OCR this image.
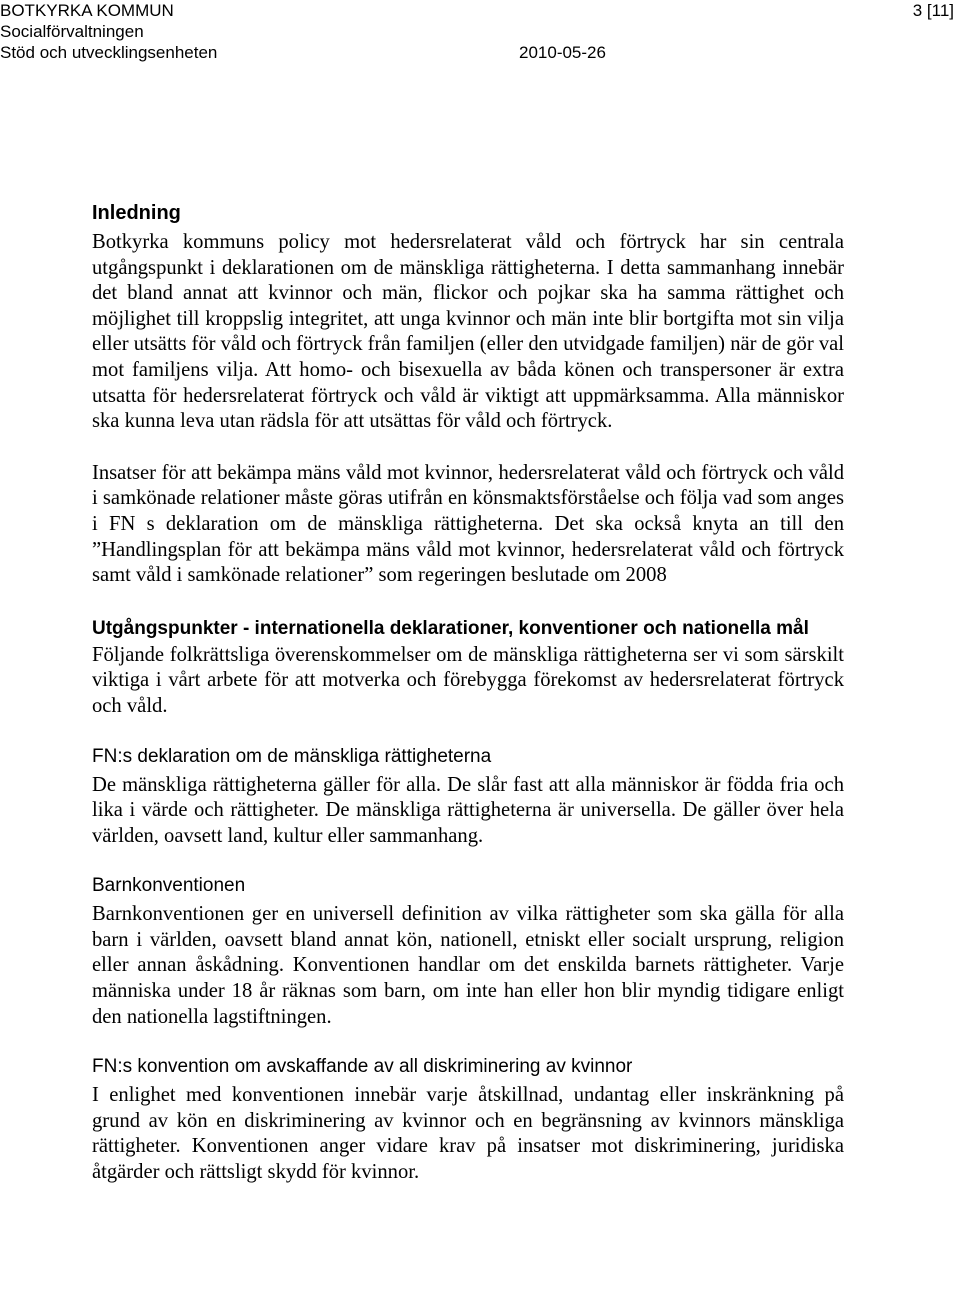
BOTKYRKA KOMMUN
Socialförvaltningen
Stöd och utvecklingsenheten	2010-05-26
3 [11]
Inledning

Botkyrka kommuns policy mot hedersrelaterat våld och förtryck har sin centrala utgångspunkt i deklarationen om de mänskliga rättigheterna. I detta sammanhang innebär det bland annat att kvinnor och män, flickor och pojkar ska ha samma rättighet och möjlighet till kroppslig integritet, att unga kvinnor och män inte blir bortgifta mot sin vilja eller utsätts för våld och förtryck från familjen (eller den utvidgade familjen) när de gör val mot familjens vilja. Att homo- och bisexuella av båda könen och transpersoner är extra utsatta för hedersrelaterat förtryck och våld är viktigt att uppmärksamma. Alla människor ska kunna leva utan rädsla för att utsättas för våld och förtryck.

Insatser för att bekämpa mäns våld mot kvinnor, hedersrelaterat våld och förtryck och våld i samkönade relationer måste göras utifrån en könsmaktsförståelse och följa vad som anges i FN s deklaration om de mänskliga rättigheterna. Det ska också knyta an till den ”Handlingsplan för att bekämpa mäns våld mot kvinnor, hedersrelaterat våld och förtryck samt våld i samkönade relationer” som regeringen beslutade om 2008

Utgångspunkter - internationella deklarationer, konventioner och nationella mål

Följande folkrättsliga överenskommelser om de mänskliga rättigheterna ser vi som särskilt viktiga i vårt arbete för att motverka och förebygga förekomst av hedersrelaterat förtryck och våld.

FN:s deklaration om de mänskliga rättigheterna

De mänskliga rättigheterna gäller för alla. De slår fast att alla människor är födda fria och lika i värde och rättigheter. De mänskliga rättigheterna är universella. De gäller över hela världen, oavsett land, kultur eller sammanhang.

Barnkonventionen

Barnkonventionen ger en universell definition av vilka rättigheter som ska gälla för alla barn i världen, oavsett bland annat kön, nationell, etniskt eller socialt ursprung, religion eller annan åskådning. Konventionen handlar om det enskilda barnets rättigheter. Varje människa under 18 år räknas som barn, om inte han eller hon blir myndig tidigare enligt den nationella lagstiftningen.

FN:s konvention om avskaffande av all diskriminering av kvinnor

I enlighet med konventionen innebär varje åtskillnad, undantag eller inskränkning på grund av kön en diskriminering av kvinnor och en begränsning av kvinnors mänskliga rättigheter. Konventionen anger vidare krav på insatser mot diskriminering, juridiska åtgärder och rättsligt skydd för kvinnor.
